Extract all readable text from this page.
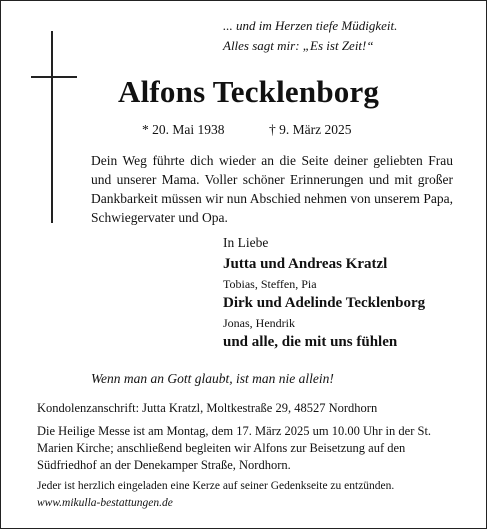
... und im Herzen tiefe Müdigkeit.
Alles sagt mir: „Es ist Zeit!“
Alfons Tecklenborg
* 20. Mai 1938	† 9. März 2025
Dein Weg führte dich wieder an die Seite deiner geliebten Frau und unserer Mama. Voller schöner Erinnerungen und mit großer Dankbarkeit müssen wir nun Abschied nehmen von unserem Papa, Schwiegervater und Opa.
In Liebe
Jutta und Andreas Kratzl
Tobias, Steffen, Pia
Dirk und Adelinde Tecklenborg
Jonas, Hendrik
und alle, die mit uns fühlen
Wenn man an Gott glaubt, ist man nie allein!
Kondolenzanschrift: Jutta Kratzl, Moltkestraße 29, 48527 Nordhorn
Die Heilige Messe ist am Montag, dem 17. März 2025 um 10.00 Uhr in der St. Marien Kirche; anschließend begleiten wir Alfons zur Beisetzung auf den Südfriedhof an der Denekamper Straße, Nordhorn.
Jeder ist herzlich eingeladen eine Kerze auf seiner Gedenkseite zu entzünden.
www.mikulla-bestattungen.de
